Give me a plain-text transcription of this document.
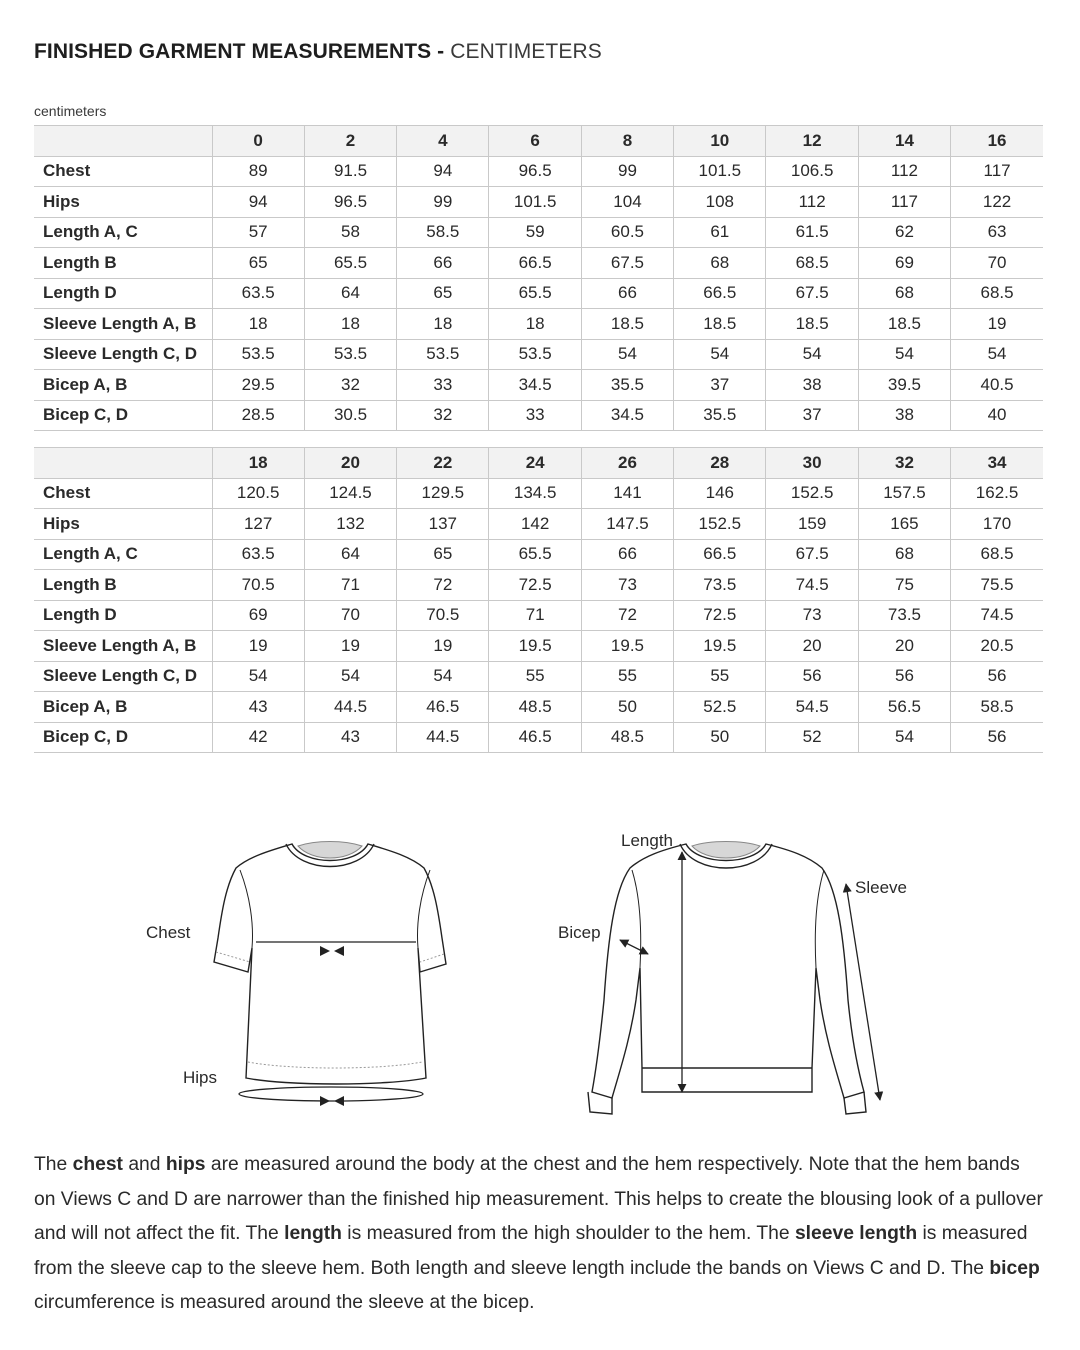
FINISHED GARMENT MEASUREMENTS - CENTIMETERS
centimeters
	0	2	4	6	8	10	12	14	16
Chest	89	91.5	94	96.5	99	101.5	106.5	112	117
Hips	94	96.5	99	101.5	104	108	112	117	122
Length A, C	57	58	58.5	59	60.5	61	61.5	62	63
Length B	65	65.5	66	66.5	67.5	68	68.5	69	70
Length D	63.5	64	65	65.5	66	66.5	67.5	68	68.5
Sleeve Length A, B	18	18	18	18	18.5	18.5	18.5	18.5	19
Sleeve Length C, D	53.5	53.5	53.5	53.5	54	54	54	54	54
Bicep A, B	29.5	32	33	34.5	35.5	37	38	39.5	40.5
Bicep C, D	28.5	30.5	32	33	34.5	35.5	37	38	40
	18	20	22	24	26	28	30	32	34
Chest	120.5	124.5	129.5	134.5	141	146	152.5	157.5	162.5
Hips	127	132	137	142	147.5	152.5	159	165	170
Length A, C	63.5	64	65	65.5	66	66.5	67.5	68	68.5
Length B	70.5	71	72	72.5	73	73.5	74.5	75	75.5
Length D	69	70	70.5	71	72	72.5	73	73.5	74.5
Sleeve Length A, B	19	19	19	19.5	19.5	19.5	20	20	20.5
Sleeve Length C, D	54	54	54	55	55	55	56	56	56
Bicep A, B	43	44.5	46.5	48.5	50	52.5	54.5	56.5	58.5
Bicep C, D	42	43	44.5	46.5	48.5	50	52	54	56
Chest
Hips
Length
Bicep
Sleeve
The chest and hips are measured around the body at the chest and the hem respectively. Note that the hem bands on Views C and D are narrower than the finished hip measurement. This helps to create the blousing look of a pullover and will not affect the fit. The length is measured from the high shoulder to the hem. The sleeve length is measured from the sleeve cap to the sleeve hem. Both length and sleeve length include the bands on Views C and D. The bicep circumference is measured around the sleeve at the bicep.
